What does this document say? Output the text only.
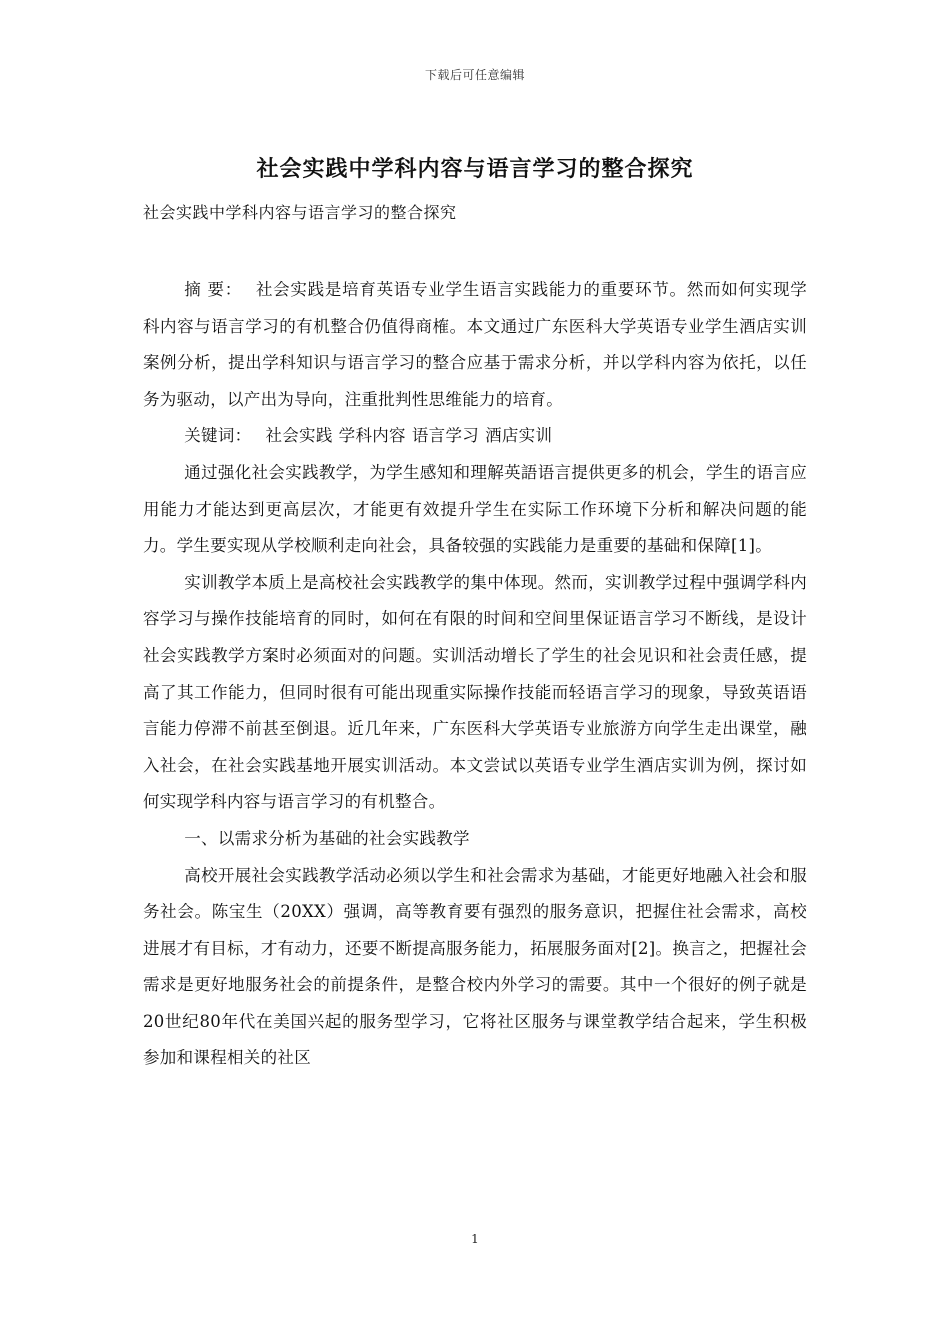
下载后可任意编辑
社会实践中学科内容与语言学习的整合探究
社会实践中学科内容与语言学习的整合探究

摘 要： 社会实践是培育英语专业学生语言实践能力的重要环节。然而如何实现学科内容与语言学习的有机整合仍值得商榷。本文通过广东医科大学英语专业学生酒店实训案例分析，提出学科知识与语言学习的整合应基于需求分析，并以学科内容为依托，以任务为驱动，以产出为导向，注重批判性思维能力的培育。

关键词： 社会实践 学科内容 语言学习 酒店实训

通过强化社会实践教学，为学生感知和理解英語语言提供更多的机会，学生的语言应用能力才能达到更高层次，才能更有效提升学生在实际工作环境下分析和解决问题的能力。学生要实现从学校顺利走向社会，具备较强的实践能力是重要的基础和保障[1]。

实训教学本质上是高校社会实践教学的集中体现。然而，实训教学过程中强调学科内容学习与操作技能培育的同时，如何在有限的时间和空间里保证语言学习不断线，是设计社会实践教学方案时必须面对的问题。实训活动增长了学生的社会见识和社会责任感，提高了其工作能力，但同时很有可能出现重实际操作技能而轻语言学习的现象，导致英语语言能力停滞不前甚至倒退。近几年来，广东医科大学英语专业旅游方向学生走出课堂，融入社会，在社会实践基地开展实训活动。本文尝试以英语专业学生酒店实训为例，探讨如何实现学科内容与语言学习的有机整合。

一、以需求分析为基础的社会实践教学

高校开展社会实践教学活动必须以学生和社会需求为基础，才能更好地融入社会和服务社会。陈宝生（20XX）强调，高等教育要有强烈的服务意识，把握住社会需求，高校进展才有目标，才有动力，还要不断提高服务能力，拓展服务面对[2]。换言之，把握社会需求是更好地服务社会的前提条件，是整合校内外学习的需要。其中一个很好的例子就是20世纪80年代在美国兴起的服务型学习，它将社区服务与课堂教学结合起来，学生积极参加和课程相关的社区

1
